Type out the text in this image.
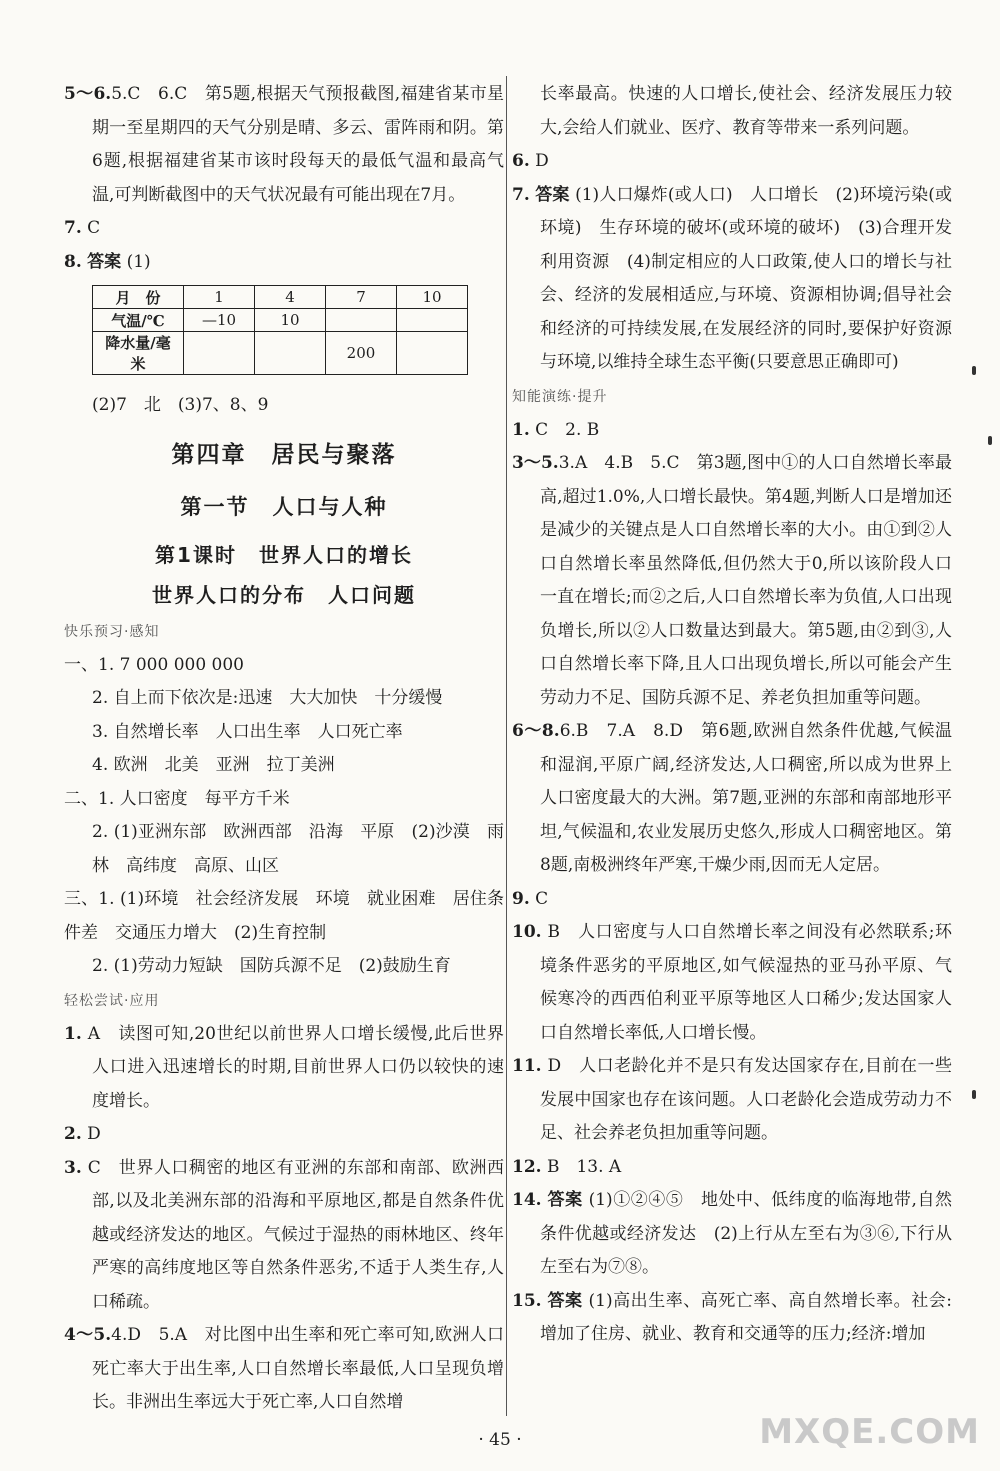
5～6.5.C　6.C　第5题,根据天气预报截图,福建省某市星期一至星期四的天气分别是晴、多云、雷阵雨和阴。第6题,根据福建省某市该时段每天的最低气温和最高气温,可判断截图中的天气状况最有可能出现在7月。

7. C

8. 答案 (1)

月　份	1	4	7	10
气温/℃	—10	10		
降水量/毫米			200	

(2)7　北　(3)7、8、9

第四章　居民与聚落
第一节　人口与人种
第1课时　世界人口的增长
世界人口的分布　人口问题
快乐预习·感知

一、1. 7 000 000 000

2. 自上而下依次是:迅速　大大加快　十分缓慢

3. 自然增长率　人口出生率　人口死亡率

4. 欧洲　北美　亚洲　拉丁美洲

二、1. 人口密度　每平方千米

2. (1)亚洲东部　欧洲西部　沿海　平原　(2)沙漠　雨林　高纬度　高原、山区

三、1. (1)环境　社会经济发展　环境　就业困难　居住条件差　交通压力增大　(2)生育控制

2. (1)劳动力短缺　国防兵源不足　(2)鼓励生育

轻松尝试·应用

1. A　读图可知,20世纪以前世界人口增长缓慢,此后世界人口进入迅速增长的时期,目前世界人口仍以较快的速度增长。

2. D

3. C　世界人口稠密的地区有亚洲的东部和南部、欧洲西部,以及北美洲东部的沿海和平原地区,都是自然条件优越或经济发达的地区。气候过于湿热的雨林地区、终年严寒的高纬度地区等自然条件恶劣,不适于人类生存,人口稀疏。

4～5.4.D　5.A　对比图中出生率和死亡率可知,欧洲人口死亡率大于出生率,人口自然增长率最低,人口呈现负增长。非洲出生率远大于死亡率,人口自然增

长率最高。快速的人口增长,使社会、经济发展压力较大,会给人们就业、医疗、教育等带来一系列问题。

6. D

7. 答案 (1)人口爆炸(或人口)　人口增长　(2)环境污染(或环境)　生存环境的破坏(或环境的破坏)　(3)合理开发利用资源　(4)制定相应的人口政策,使人口的增长与社会、经济的发展相适应,与环境、资源相协调;倡导社会和经济的可持续发展,在发展经济的同时,要保护好资源与环境,以维持全球生态平衡(只要意思正确即可)

知能演练·提升

1. C　2. B

3～5.3.A　4.B　5.C　第3题,图中①的人口自然增长率最高,超过1.0%,人口增长最快。第4题,判断人口是增加还是减少的关键点是人口自然增长率的大小。由①到②人口自然增长率虽然降低,但仍然大于0,所以该阶段人口一直在增长;而②之后,人口自然增长率为负值,人口出现负增长,所以②人口数量达到最大。第5题,由②到③,人口自然增长率下降,且人口出现负增长,所以可能会产生劳动力不足、国防兵源不足、养老负担加重等问题。

6～8.6.B　7.A　8.D　第6题,欧洲自然条件优越,气候温和湿润,平原广阔,经济发达,人口稠密,所以成为世界上人口密度最大的大洲。第7题,亚洲的东部和南部地形平坦,气候温和,农业发展历史悠久,形成人口稠密地区。第8题,南极洲终年严寒,干燥少雨,因而无人定居。

9. C

10. B　人口密度与人口自然增长率之间没有必然联系;环境条件恶劣的平原地区,如气候湿热的亚马孙平原、气候寒冷的西西伯利亚平原等地区人口稀少;发达国家人口自然增长率低,人口增长慢。

11. D　人口老龄化并不是只有发达国家存在,目前在一些发展中国家也存在该问题。人口老龄化会造成劳动力不足、社会养老负担加重等问题。

12. B　13. A

14. 答案 (1)①②④⑤　地处中、低纬度的临海地带,自然条件优越或经济发达　(2)上行从左至右为③⑥,下行从左至右为⑦⑧。

15. 答案 (1)高出生率、高死亡率、高自然增长率。社会:增加了住房、就业、教育和交通等的压力;经济:增加

· 45 ·	MXQE.COM
